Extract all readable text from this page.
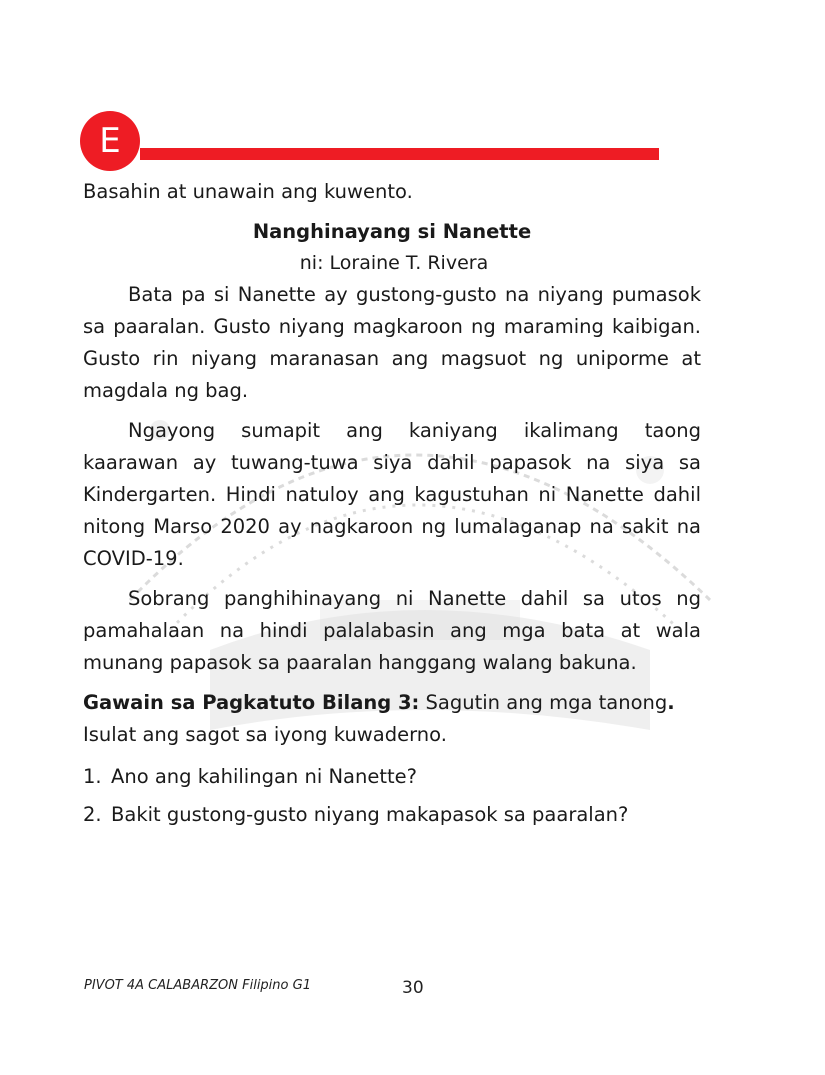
E

Basahin at unawain ang kuwento.

Nanghinayang si Nanette

ni: Loraine T. Rivera

Bata pa si Nanette ay gustong-gusto na niyang pumasok sa paaralan. Gusto niyang magkaroon ng maraming kaibigan. Gusto rin niyang maranasan ang magsuot ng uniporme at magdala ng bag.

Ngayong sumapit ang kaniyang ikalimang taong kaarawan ay tuwang-tuwa siya dahil papasok na siya sa Kindergarten. Hindi natuloy ang kagustuhan ni Nanette dahil nitong Marso 2020 ay nagkaroon ng lumalaganap na sakit na COVID-19.

Sobrang panghihinayang ni Nanette dahil sa utos ng pamahalaan na hindi palalabasin ang mga bata at wala munang papasok sa paaralan hanggang walang bakuna.

Gawain sa Pagkatuto Bilang 3: Sagutin ang mga tanong.
Isulat ang sagot sa iyong kuwaderno.

1. Ano ang kahilingan ni Nanette?
2. Bakit gustong-gusto niyang makapasok sa paaralan?
PIVOT 4A CALABARZON Filipino G1	30
